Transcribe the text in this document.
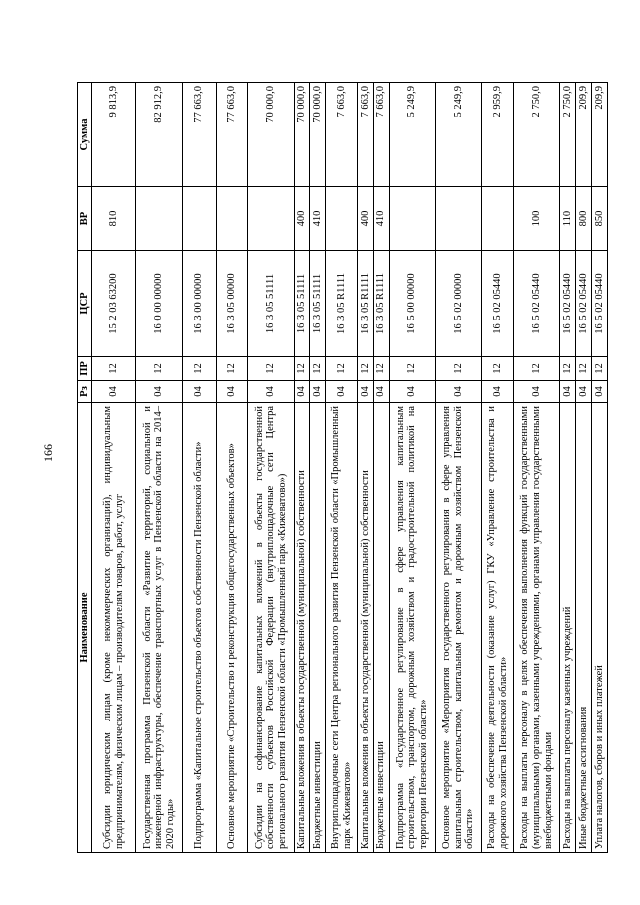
166
Наименование	Рз	ПР	ЦСР	ВР	Сумма
Субсидии юридическим лицам (кроме некоммерческих организаций), индивидуальным предпринимателям, физическим лицам – производителям товаров, работ, услуг	04	12	15 2 03 63200	810	9 813,9
Государственная программа Пензенской области «Развитие территорий, социальной и инженерной инфраструктуры, обеспечение транспортных услуг в Пензенской области на 2014–2020 годы»	04	12	16 0 00 00000		82 912,9
Подпрограмма «Капитальное строительство объектов собственности Пензенской области»	04	12	16 3 00 00000		77 663,0
Основное мероприятие «Строительство и реконструкция общегосударственных объектов»	04	12	16 3 05 00000		77 663,0
Субсидии на софинансирование капитальных вложений в объекты государственной собственности субъектов Российской Федерации (внутриплощадочные сети Центра регионального развития Пензенской области «Промышленный парк «Кижеватово»)	04	12	16 3 05 51111		70 000,0
Капитальные вложения в объекты государственной (муниципальной) собственности	04	12	16 3 05 51111	400	70 000,0
Бюджетные инвестиции	04	12	16 3 05 51111	410	70 000,0
Внутриплощадочные сети Центра регионального развития Пензенской области «Промышленный парк «Кижеватово»	04	12	16 3 05 R1111		7 663,0
Капитальные вложения в объекты государственной (муниципальной) собственности	04	12	16 3 05 R1111	400	7 663,0
Бюджетные инвестиции	04	12	16 3 05 R1111	410	7 663,0
Подпрограмма «Государственное регулирование в сфере управления капитальным строительством, транспортом, дорожным хозяйством и градостроительной политикой на территории Пензенской области»	04	12	16 5 00 00000		5 249,9
Основное мероприятие «Мероприятия государственного регулирования в сфере управления капитальным строительством, капитальным ремонтом и дорожным хозяйством Пензенской области»	04	12	16 5 02 00000		5 249,9
Расходы на обеспечение деятельности (оказание услуг) ГКУ «Управление строительства и дорожного хозяйства Пензенской области»	04	12	16 5 02 05440		2 959,9
Расходы на выплаты персоналу в целях обеспечения выполнения функций государственными (муниципальными) органами, казенными учреждениями, органами управления государственными внебюджетными фондами	04	12	16 5 02 05440	100	2 750,0
Расходы на выплаты персоналу казенных учреждений	04	12	16 5 02 05440	110	2 750,0
Иные бюджетные ассигнования	04	12	16 5 02 05440	800	209,9
Уплата налогов, сборов и иных платежей	04	12	16 5 02 05440	850	209,9
